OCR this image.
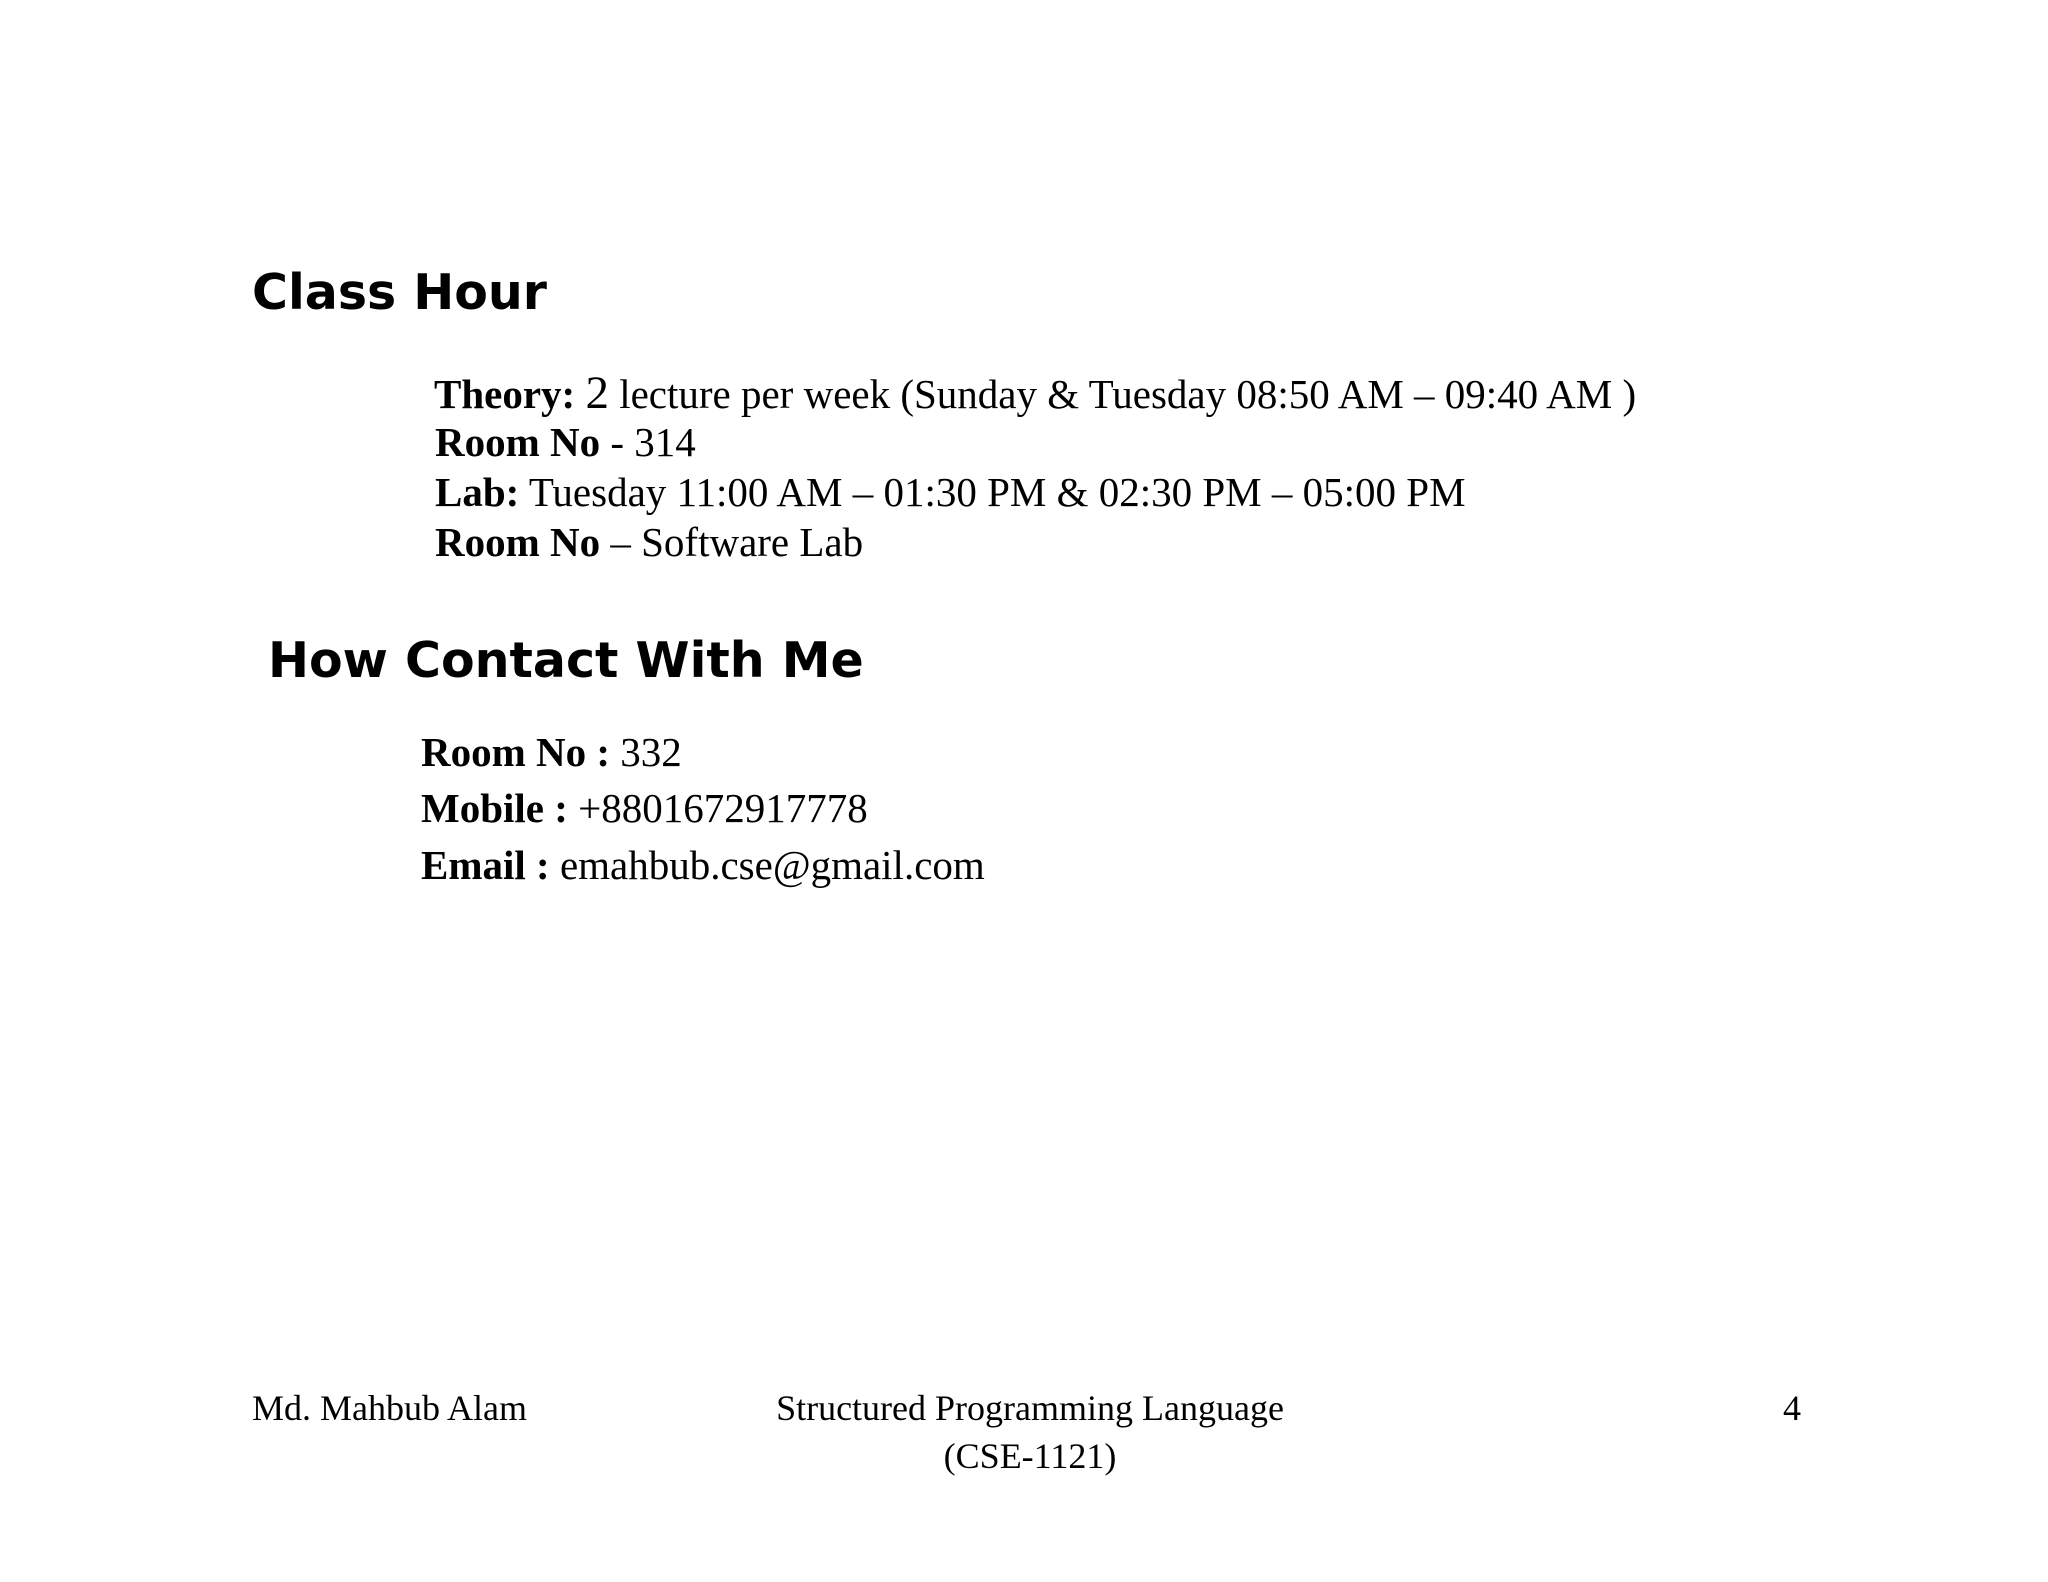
Class Hour
Theory: 2 lecture per week (Sunday & Tuesday 08:50 AM – 09:40 AM )
Room No - 314
Lab: Tuesday 11:00 AM – 01:30 PM & 02:30 PM – 05:00 PM
Room No – Software Lab
How Contact With Me
Room No : 332
Mobile : +8801672917778
Email : emahbub.cse@gmail.com
Md. Mahbub Alam	Structured Programming Language
(CSE-1121)
4
